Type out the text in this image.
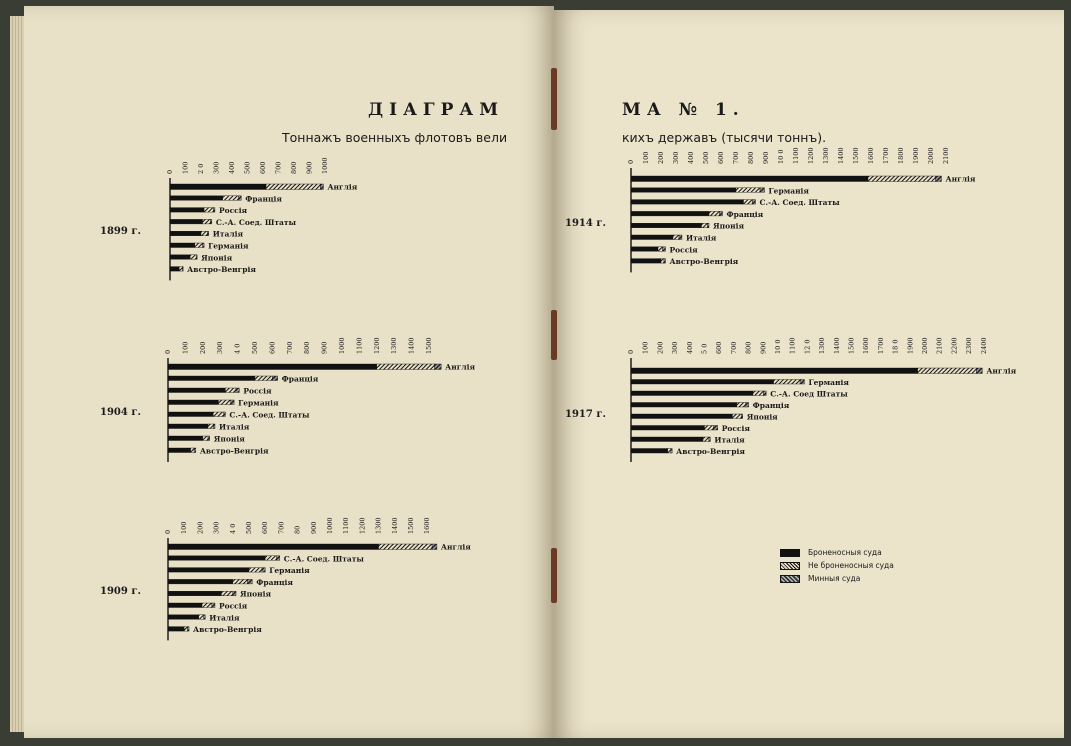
ДІАГРАМ	МА № 1.
Тоннажъ военныхъ флотовъ вели	кихъ державъ (тысячи тоннъ).
0 100 2 0 300 400 500 600 700 800 900 1000
1899 г.
Англія
Франція
Россія
С.-А. Соед. Штаты
Италія
Германія
Японія
Австро-Венгрія
0 100 200 300 4 0 500 600 700 800 900 1000 1100 1200 1300 1400 1500
1904 г.
Англія
Франція
Россія
Германія
С.-А. Соед. Штаты
Италія
Японія
Австро-Венгрія
0 100 200 300 4 0 500 600 700 80 900 1000 1100 1200 1300 1400 1500 1600
1909 г.
Англія
С.-А. Соед. Штаты
Германія
Франція
Японія
Россія
Италія
Австро-Венгрія
0 100 200 300 400 500 600 700 800 900 10 0 1100 1200 1300 1400 1500 1600 1700 1800 1900 2000 2100
1914 г.
Англія
Германія
С.-А. Соед. Штаты
Франція
Японія
Италія
Россія
Австро-Венгрія
0 100 200 300 400 5 0 600 700 800 900 10 0 1100 12 0 1300 1400 1500 1600 1700 18 0 1900 2000 2100 2200 2300 2400
1917 г.
Англія
Германія
С.-А. Соед Штаты
Франція
Японія
Россія
Италія
Австро-Венгрія
Броненосныя суда
Не броненосныя суда
Минныя суда
